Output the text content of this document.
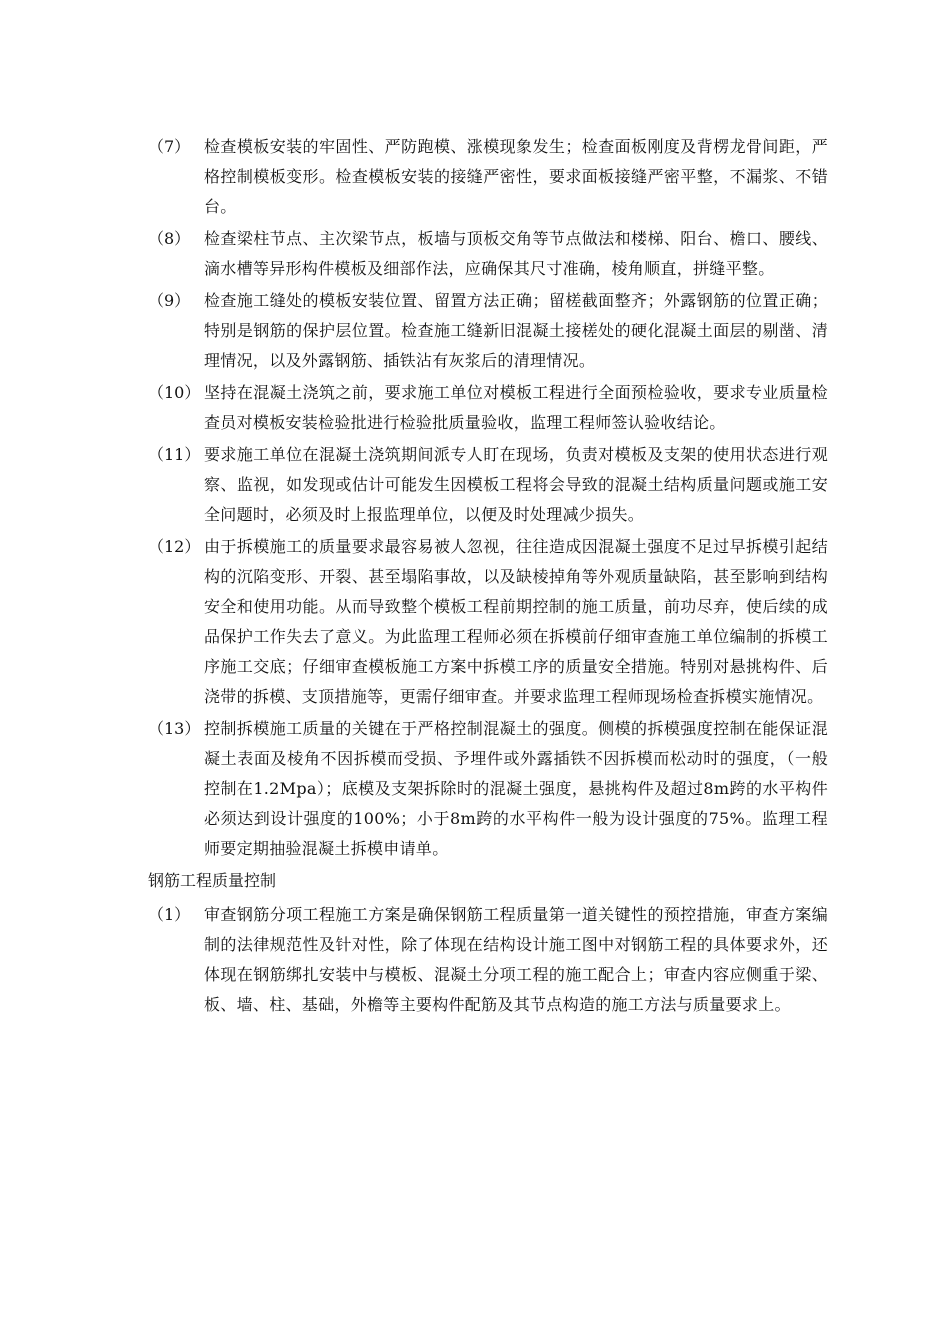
（7） 检查模板安装的牢固性、严防跑模、涨模现象发生；检查面板刚度及背楞龙骨间距，严格控制模板变形。检查模板安装的接缝严密性，要求面板接缝严密平整，不漏浆、不错台。
（8） 检查梁柱节点、主次梁节点，板墙与顶板交角等节点做法和楼梯、阳台、檐口、腰线、滴水槽等异形构件模板及细部作法，应确保其尺寸准确，棱角顺直，拼缝平整。
（9） 检查施工缝处的模板安装位置、留置方法正确；留槎截面整齐；外露钢筋的位置正确；特别是钢筋的保护层位置。检查施工缝新旧混凝土接槎处的硬化混凝土面层的剔凿、清理情况，以及外露钢筋、插铁沾有灰浆后的清理情况。
（10） 坚持在混凝土浇筑之前，要求施工单位对模板工程进行全面预检验收，要求专业质量检查员对模板安装检验批进行检验批质量验收，监理工程师签认验收结论。
（11） 要求施工单位在混凝土浇筑期间派专人盯在现场，负责对模板及支架的使用状态进行观察、监视，如发现或估计可能发生因模板工程将会导致的混凝土结构质量问题或施工安全问题时，必须及时上报监理单位，以便及时处理减少损失。
（12） 由于拆模施工的质量要求最容易被人忽视，往往造成因混凝土强度不足过早拆模引起结构的沉陷变形、开裂、甚至塌陷事故，以及缺棱掉角等外观质量缺陷，甚至影响到结构安全和使用功能。从而导致整个模板工程前期控制的施工质量，前功尽弃，使后续的成品保护工作失去了意义。为此监理工程师必须在拆模前仔细审查施工单位编制的拆模工序施工交底；仔细审查模板施工方案中拆模工序的质量安全措施。特别对悬挑构件、后浇带的拆模、支顶措施等，更需仔细审查。并要求监理工程师现场检查拆模实施情况。
（13） 控制拆模施工质量的关键在于严格控制混凝土的强度。侧模的拆模强度控制在能保证混凝土表面及棱角不因拆模而受损、予埋件或外露插铁不因拆模而松动时的强度，（一般控制在1.2Mpa）；底模及支架拆除时的混凝土强度，悬挑构件及超过8m跨的水平构件必须达到设计强度的100%；小于8m跨的水平构件一般为设计强度的75%。监理工程师要定期抽验混凝土拆模申请单。
钢筋工程质量控制
（1） 审查钢筋分项工程施工方案是确保钢筋工程质量第一道关键性的预控措施，审查方案编制的法律规范性及针对性，除了体现在结构设计施工图中对钢筋工程的具体要求外，还体现在钢筋绑扎安装中与模板、混凝土分项工程的施工配合上；审查内容应侧重于梁、板、墙、柱、基础，外檐等主要构件配筋及其节点构造的施工方法与质量要求上。
